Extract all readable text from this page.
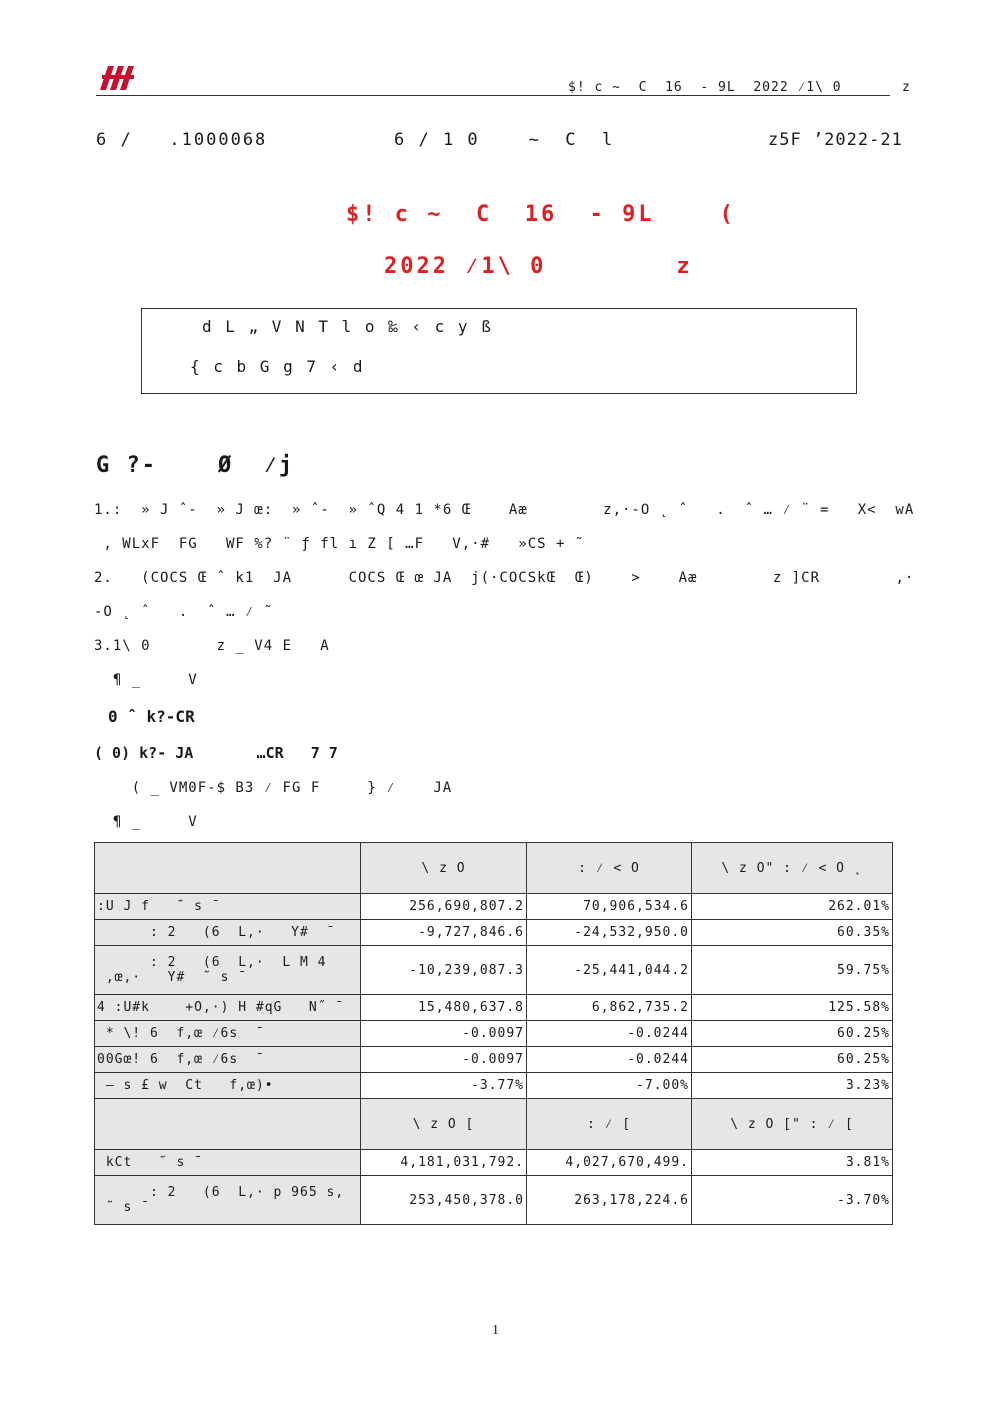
$! c ~  C  16  - 9L  2022 ⁄1\ 0	z
6 /   .1000068	6 / 1 0    ~  C  l	z5F ’2022-21
$! c ~  C  16  - 9L    (
2022 ⁄1\ 0        z
d L „ V N T l o ‰ ‹ c y ß
{ c b G g 7 ‹ d
G ?-    Ø  ⁄j
1.:  » J ˆ-  » J œ:  » ˆ-  » ˆQ 4 1 *6 Œ    Aæ        z,·-O ˛ ˆ   .  ˆ … ⁄ ¨ =   X<  wA
, WLxF  FG   WF %? ¨ ƒ fl ı Z [ …F   V,·#   »CS + ˜
2.   (COCS Œ ˆ k1  JA      COCS Œ œ JA  j(·COCSkŒ  Œ)    >    Aæ        z ]CR        ,·
-O ˛ ˆ   .  ˆ … ⁄ ˜
3.1\ 0       z _ V4 E   A
¶ _     V
0 ˆ k?-CR
( 0) k?- JA       …CR   7 7
( _ VM0F-$ B3 ⁄ FG F     } ⁄    JA
¶ _     V
	\ z O	: ⁄ < O	\ z O" : ⁄ < O ˛
:U J f   ˜ s ˉ	256,690,807.2	70,906,534.6	262.01%
: 2   (6  L,·   Y#  ˉ	-9,727,846.6	-24,532,950.0	60.35%
: 2   (6  L,·  L M 4
,œ,·   Y#  ˜ s ˉ	-10,239,087.3	-25,441,044.2	59.75%
4 :U#k    +O,·) H #qG   N˝ ˉ	15,480,637.8	6,862,735.2	125.58%
* \! 6  f,œ ⁄6s  ˉ	-0.0097	-0.0244	60.25%
00Gœ! 6  f,œ ⁄6s  ˉ	-0.0097	-0.0244	60.25%
— s £ w  Ct   f,œ)•	-3.77%	-7.00%	3.23%
	\ z O [	: ⁄ [	\ z O [" : ⁄ [
kCt   ˜ s ˉ	4,181,031,792.	4,027,670,499.	3.81%
: 2   (6  L,· p 965 s,
˜ s ˉ	253,450,378.0	263,178,224.6	-3.70%
1
